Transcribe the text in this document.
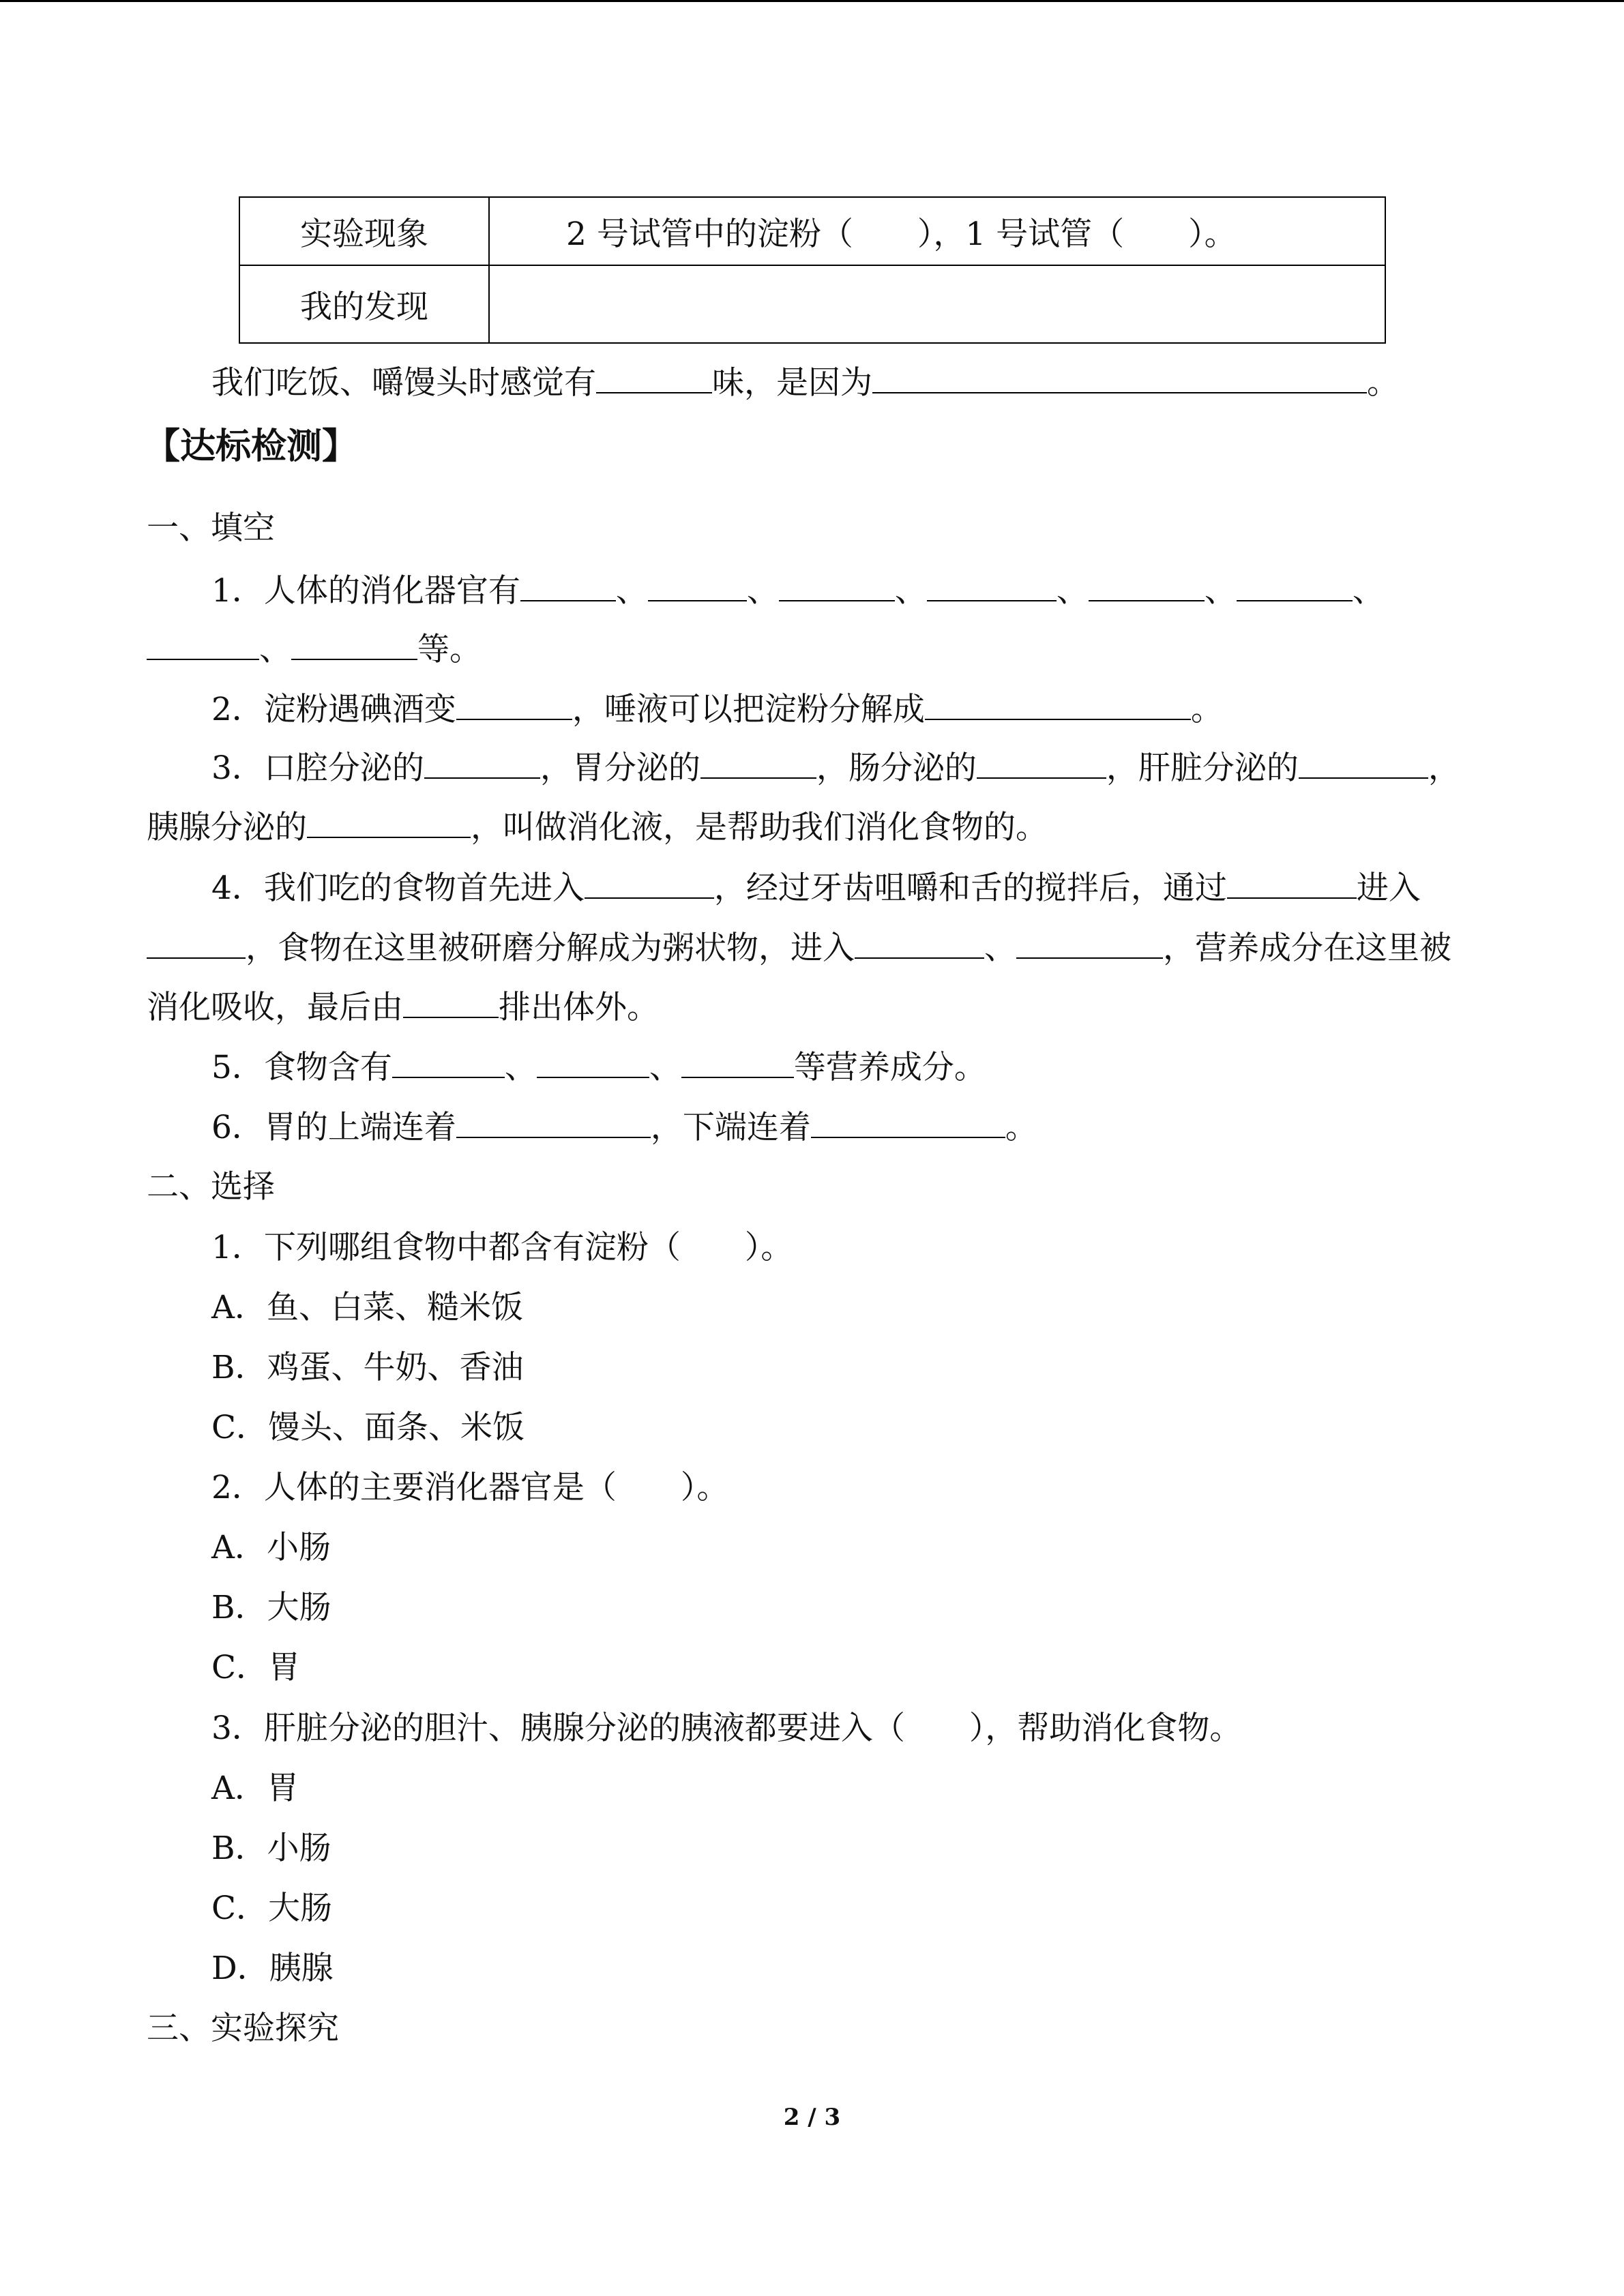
实验现象	2 号试管中的淀粉（　　），1 号试管（　　）。
我的发现	
我们吃饭、嚼馒头时感觉有	味，是因为	。
【达标检测】
一、填空
1．人体的消化器官有	、	、	、	、	、	、
、	等。
2．淀粉遇碘酒变	，唾液可以把淀粉分解成	。
3．口腔分泌的	，胃分泌的	，肠分泌的	，肝脏分泌的	，
胰腺分泌的	，叫做消化液，是帮助我们消化食物的。
4．我们吃的食物首先进入	，经过牙齿咀嚼和舌的搅拌后，通过	进入
，食物在这里被研磨分解成为粥状物，进入	、	，营养成分在这里被
消化吸收，最后由	排出体外。
5．食物含有	、	、	等营养成分。
6．胃的上端连着	，下端连着	。
二、选择
1．下列哪组食物中都含有淀粉（　　）。
A．鱼、白菜、糙米饭
B．鸡蛋、牛奶、香油
C．馒头、面条、米饭
2．人体的主要消化器官是（　　）。
A．小肠
B．大肠
C．胃
3．肝脏分泌的胆汁、胰腺分泌的胰液都要进入（　　），帮助消化食物。
A．胃
B．小肠
C．大肠
D．胰腺
三、实验探究
2 / 3
